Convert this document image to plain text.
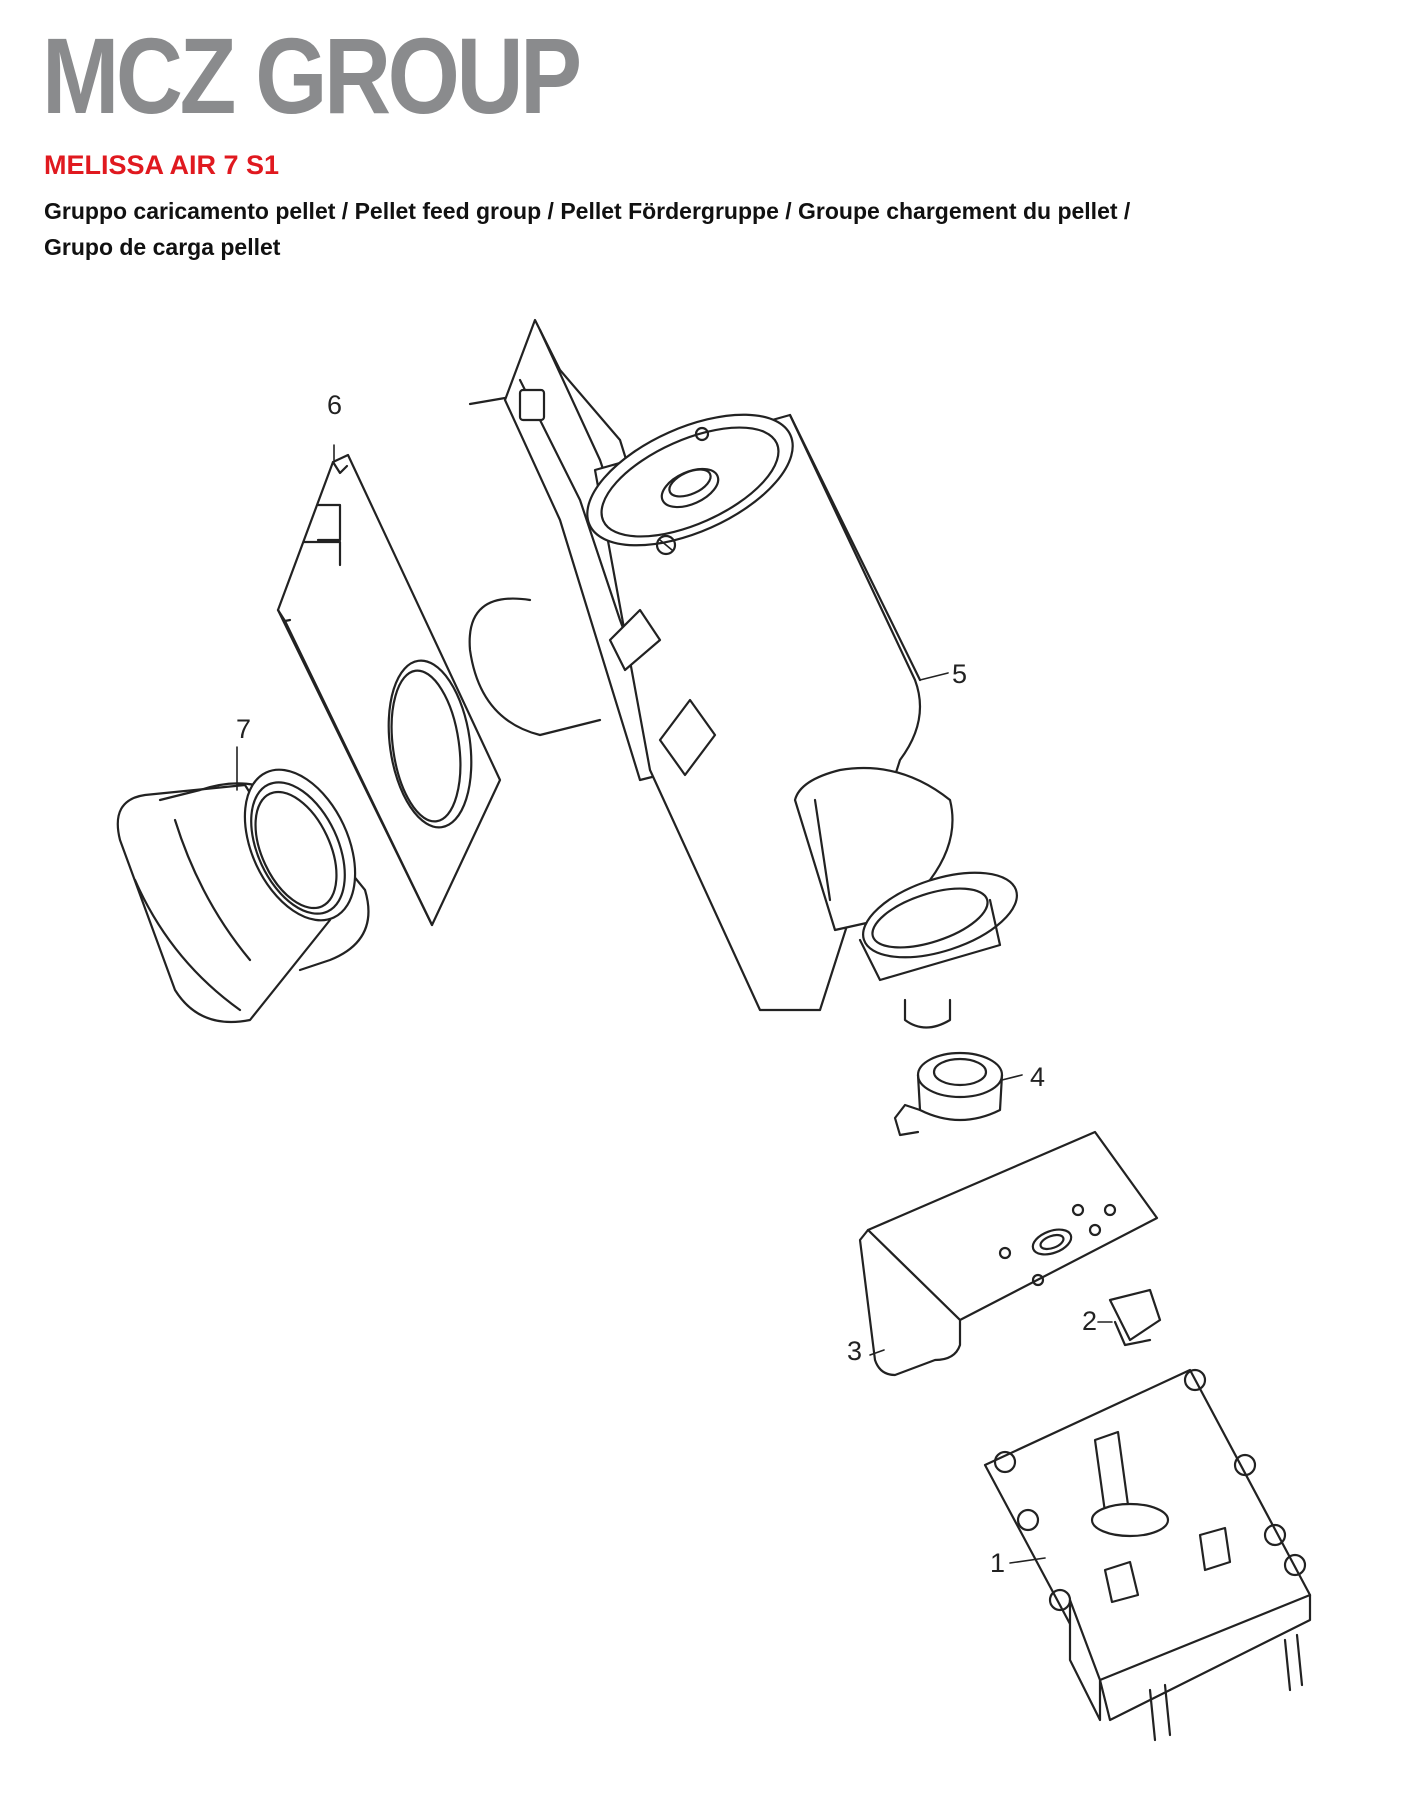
MCZ GROUP
MELISSA AIR 7 S1
Gruppo caricamento pellet / Pellet feed group / Pellet Fördergruppe / Groupe chargement du pellet /
Grupo de carga pellet
1
2
3
4
5
6
7
